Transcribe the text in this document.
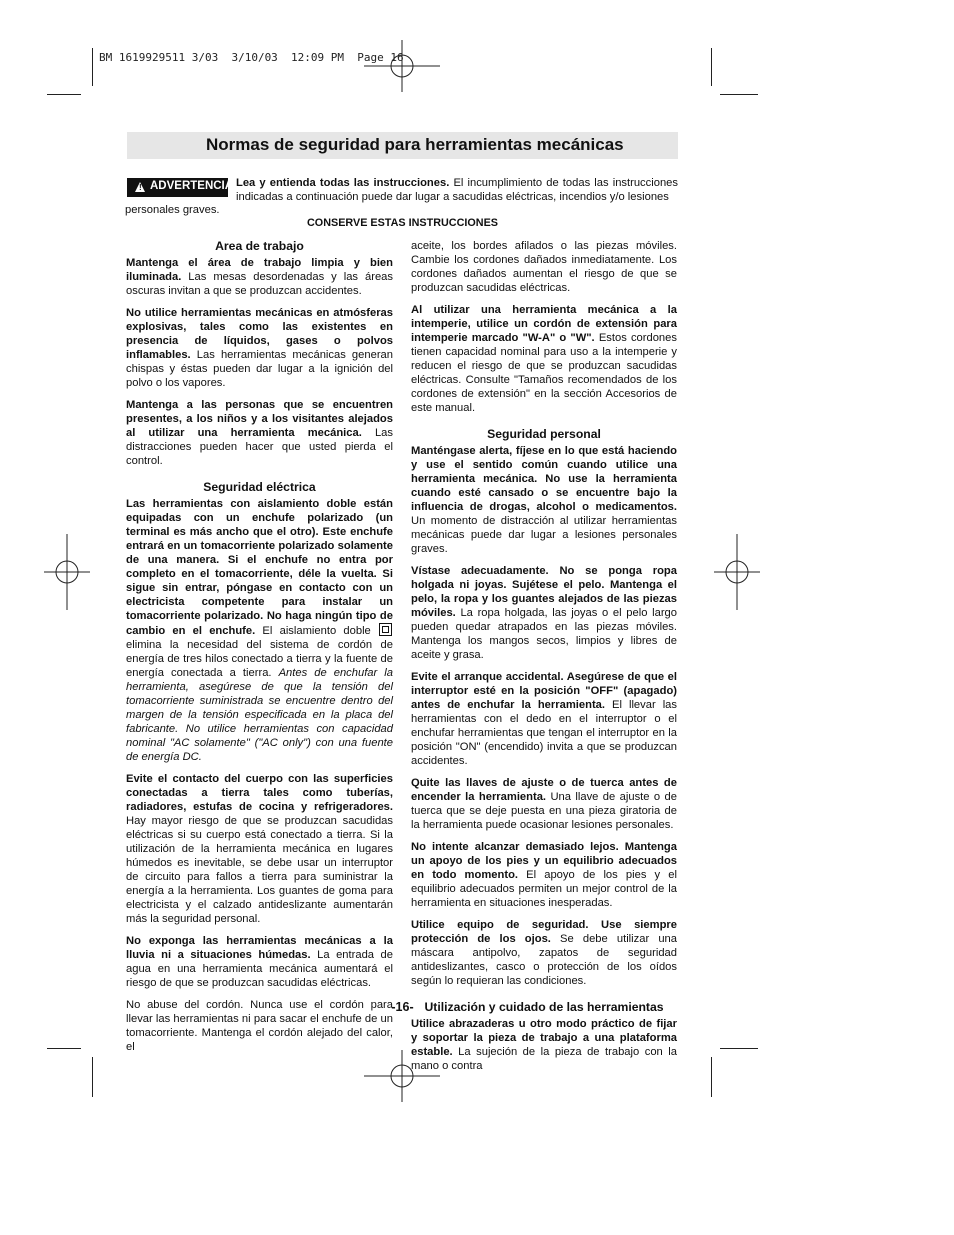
BM 1619929511 3/03  3/10/03  12:09 PM  Page 16
Normas de seguridad para herramientas mecánicas
! ADVERTENCIA Lea y entienda todas las instrucciones. El incumplimiento de todas las instrucciones indicadas a continuación puede dar lugar a sacudidas eléctricas, incendios y/o lesiones
personales graves.
CONSERVE ESTAS INSTRUCCIONES
Area de trabajo

Mantenga el área de trabajo limpia y bien iluminada. Las mesas desordenadas y las áreas oscuras invitan a que se produzcan accidentes.

No utilice herramientas mecánicas en atmósferas explosivas, tales como las existentes en presencia de líquidos, gases o polvos inflamables. Las herramientas mecánicas generan chispas y éstas pueden dar lugar a la ignición del polvo o los vapores.

Mantenga a las personas que se encuentren presentes, a los niños y a los visitantes alejados al utilizar una herramienta mecánica. Las distracciones pueden hacer que usted pierda el control.

Seguridad eléctrica

Las herramientas con aislamiento doble están equipadas con un enchufe polarizado (un terminal es más ancho que el otro). Este enchufe entrará en un tomacorriente polarizado solamente de una manera. Si el enchufe no entra por completo en el tomacorriente, déle la vuelta. Si sigue sin entrar, póngase en contacto con un electricista competente para instalar un tomacorriente polarizado. No haga ningún tipo de cambio en el enchufe. El aislamiento doble  elimina la necesidad del sistema de cordón de energía de tres hilos conectado a tierra y la fuente de energía conectada a tierra. Antes de enchufar la herramienta, asegúrese de que la tensión del tomacorriente suministrada se encuentre dentro del margen de la tensión especificada en la placa del fabricante. No utilice herramientas con capacidad nominal "AC solamente" ("AC only") con una fuente de energía DC.

Evite el contacto del cuerpo con las superficies conectadas a tierra tales como tuberías, radiadores, estufas de cocina y refrigeradores. Hay mayor riesgo de que se produzcan sacudidas eléctricas si su cuerpo está conectado a tierra. Si la utilización de la herramienta mecánica en lugares húmedos es inevitable, se debe usar un interruptor de circuito para fallos a tierra para suministrar la energía a la herramienta. Los guantes de goma para electricista y el calzado antideslizante aumentarán más la seguridad personal.

No exponga las herramientas mecánicas a la lluvia ni a situaciones húmedas. La entrada de agua en una herramienta mecánica aumentará el riesgo de que se produzcan sacudidas eléctricas.

No abuse del cordón. Nunca use el cordón para llevar las herramientas ni para sacar el enchufe de un tomacorriente. Mantenga el cordón alejado del calor, el

aceite, los bordes afilados o las piezas móviles. Cambie los cordones dañados inmediatamente. Los cordones dañados aumentan el riesgo de que se produzcan sacudidas eléctricas.

Al utilizar una herramienta mecánica a la intemperie, utilice un cordón de extensión para intemperie marcado "W-A" o "W". Estos cordones tienen capacidad nominal para uso a la intemperie y reducen el riesgo de que se produzcan sacudidas eléctricas. Consulte "Tamaños recomendados de los cordones de extensión" en la sección Accesorios de este manual.

Seguridad personal

Manténgase alerta, fíjese en lo que está haciendo y use el sentido común cuando utilice una herramienta mecánica. No use la herramienta cuando esté cansado o se encuentre bajo la influencia de drogas, alcohol o medicamentos. Un momento de distracción al utilizar herramientas mecánicas puede dar lugar a lesiones personales graves.

Vístase adecuadamente. No se ponga ropa holgada ni joyas. Sujétese el pelo. Mantenga el pelo, la ropa y los guantes alejados de las piezas móviles. La ropa holgada, las joyas o el pelo largo pueden quedar atrapados en las piezas móviles. Mantenga los mangos secos, limpios y libres de aceite y grasa.

Evite el arranque accidental. Asegúrese de que el interruptor esté en la posición "OFF" (apagado) antes de enchufar la herramienta. El llevar las herramientas con el dedo en el interruptor o el enchufar herramientas que tengan el interruptor en la posición "ON" (encendido) invita a que se produzcan accidentes.

Quite las llaves de ajuste o de tuerca antes de encender la herramienta. Una llave de ajuste o de tuerca que se deje puesta en una pieza giratoria de la herramienta puede ocasionar lesiones personales.

No intente alcanzar demasiado lejos. Mantenga un apoyo de los pies y un equilibrio adecuados en todo momento. El apoyo de los pies y el equilibrio adecuados permiten un mejor control de la herramienta en situaciones inesperadas.

Utilice equipo de seguridad. Use siempre protección de los ojos. Se debe utilizar una máscara antipolvo, zapatos de seguridad antideslizantes, casco o protección de los oídos según lo requieran las condiciones.

Utilización y cuidado de las herramientas

Utilice abrazaderas u otro modo práctico de fijar y soportar la pieza de trabajo a una plataforma estable. La sujeción de la pieza de trabajo con la mano o contra

-16-
